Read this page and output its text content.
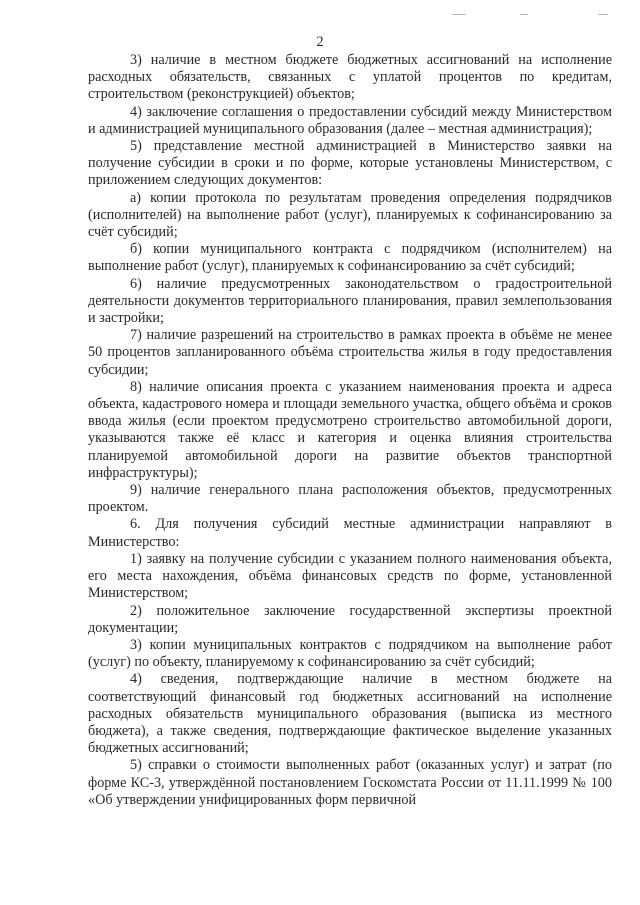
2

3) наличие в местном бюджете бюджетных ассигнований на исполнение расходных обязательств, связанных с уплатой процентов по кредитам, строительством (реконструкцией) объектов;

4) заключение соглашения о предоставлении субсидий между Министерством и администрацией муниципального образования (далее – местная администрация);

5) представление местной администрацией в Министерство заявки на получение субсидии в сроки и по форме, которые установлены Министерством, с приложением следующих документов:

а) копии протокола по результатам проведения определения подрядчиков (исполнителей) на выполнение работ (услуг), планируемых к софинансированию за счёт субсидий;

б) копии муниципального контракта с подрядчиком (исполнителем) на выполнение работ (услуг), планируемых к софинансированию за счёт субсидий;

6) наличие предусмотренных законодательством о градостроительной деятельности документов территориального планирования, правил землепользования и застройки;

7) наличие разрешений на строительство в рамках проекта в объёме не менее 50 процентов запланированного объёма строительства жилья в году предоставления субсидии;

8) наличие описания проекта с указанием наименования проекта и адреса объекта, кадастрового номера и площади земельного участка, общего объёма и сроков ввода жилья (если проектом предусмотрено строительство автомобильной дороги, указываются также её класс и категория и оценка влияния строительства планируемой автомобильной дороги на развитие объектов транспортной инфраструктуры);

9) наличие генерального плана расположения объектов, предусмотренных проектом.

6. Для получения субсидий местные администрации направляют в Министерство:

1) заявку на получение субсидии с указанием полного наименования объекта, его места нахождения, объёма финансовых средств по форме, установленной Министерством;

2) положительное заключение государственной экспертизы проектной документации;

3) копии муниципальных контрактов с подрядчиком на выполнение работ (услуг) по объекту, планируемому к софинансированию за счёт субсидий;

4) сведения, подтверждающие наличие в местном бюджете на соответствующий финансовый год бюджетных ассигнований на исполнение расходных обязательств муниципального образования (выписка из местного бюджета), а также сведения, подтверждающие фактическое выделение указанных бюджетных ассигнований;

5) справки о стоимости выполненных работ (оказанных услуг) и затрат (по форме КС-3, утверждённой постановлением Госкомстата России от 11.11.1999 № 100 «Об утверждении унифицированных форм первичной
